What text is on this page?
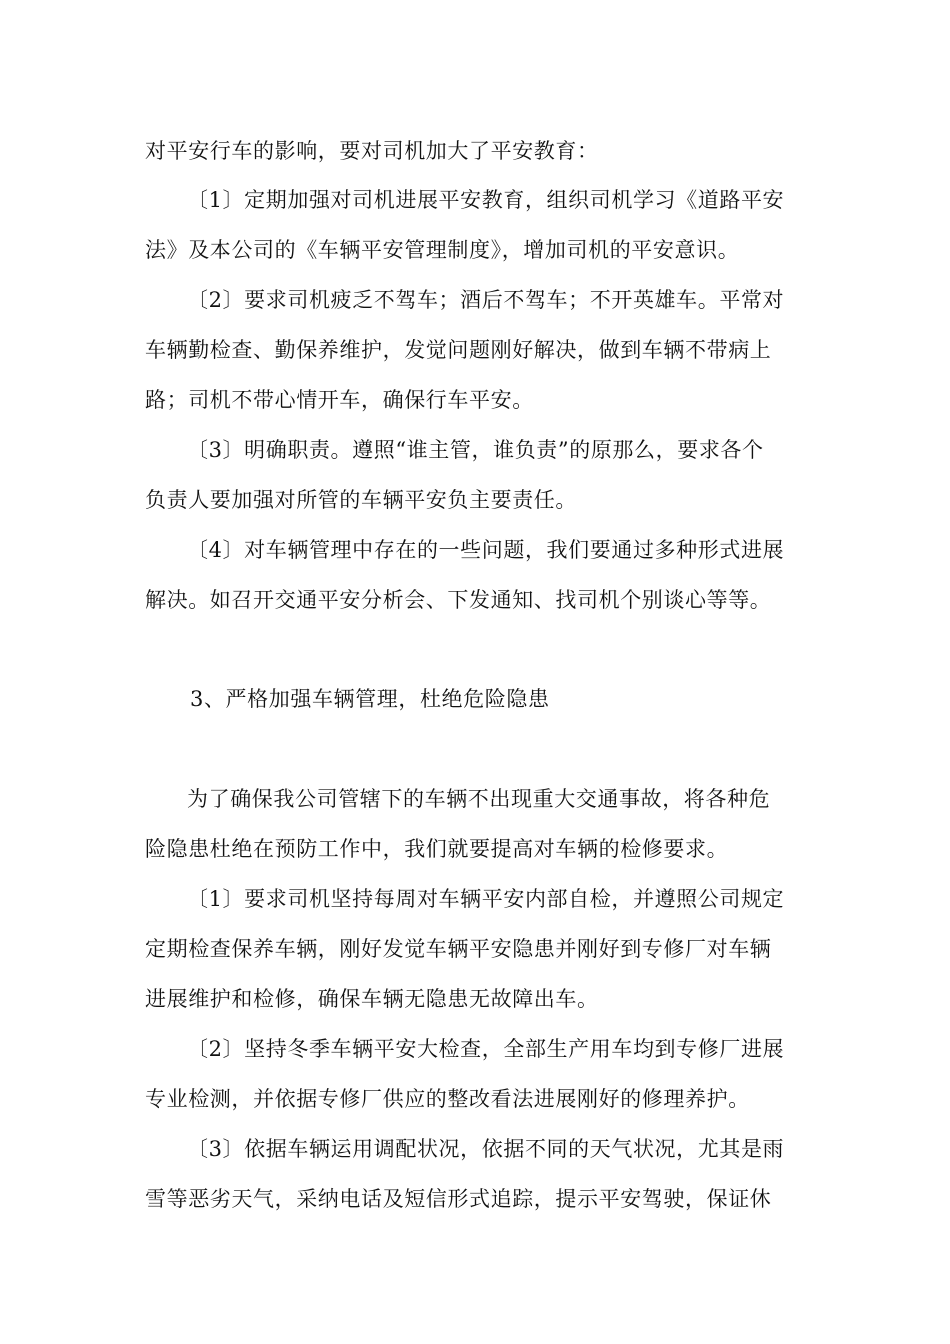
对平安行车的影响，要对司机加大了平安教育：

〔1〕定期加强对司机进展平安教育，组织司机学习《道路平安

法》及本公司的《车辆平安管理制度》，增加司机的平安意识。

〔2〕要求司机疲乏不驾车；酒后不驾车；不开英雄车。平常对

车辆勤检查、勤保养维护，发觉问题刚好解决，做到车辆不带病上

路；司机不带心情开车，确保行车平安。

〔3〕明确职责。遵照“谁主管，谁负责”的原那么，要求各个

负责人要加强对所管的车辆平安负主要责任。

〔4〕对车辆管理中存在的一些问题，我们要通过多种形式进展

解决。如召开交通平安分析会、下发通知、找司机个别谈心等等。

3、严格加强车辆管理，杜绝危险隐患

为了确保我公司管辖下的车辆不出现重大交通事故，将各种危

险隐患杜绝在预防工作中，我们就要提高对车辆的检修要求。

〔1〕要求司机坚持每周对车辆平安内部自检，并遵照公司规定

定期检查保养车辆，刚好发觉车辆平安隐患并刚好到专修厂对车辆

进展维护和检修，确保车辆无隐患无故障出车。

〔2〕坚持冬季车辆平安大检查，全部生产用车均到专修厂进展

专业检测，并依据专修厂供应的整改看法进展刚好的修理养护。

〔3〕依据车辆运用调配状况，依据不同的天气状况，尤其是雨

雪等恶劣天气，采纳电话及短信形式追踪，提示平安驾驶，保证休
